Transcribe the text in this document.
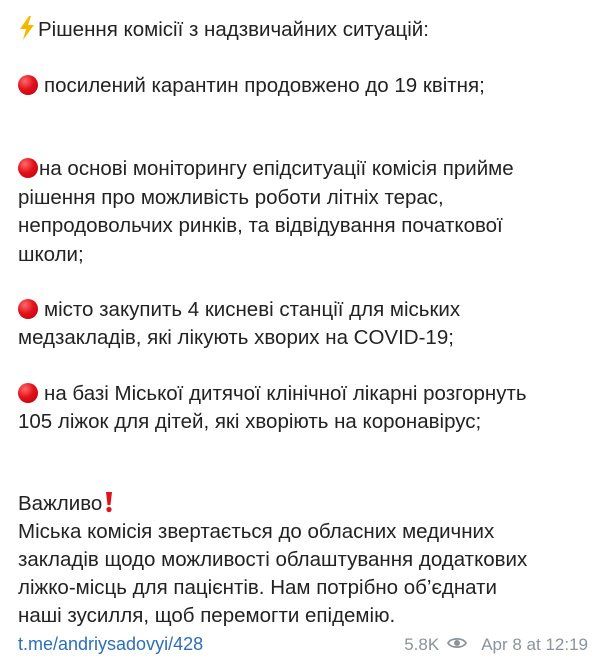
Рішення комісії з надзвичайних ситуацій:
посилений карантин продовжено до 19 квітня;
на основі моніторингу епідситуації комісія прийме
рішення про можливість роботи літніх терас,
непродовольчих ринків, та відвідування початкової
школи;
місто закупить 4 кисневі станції для міських
медзакладів, які лікують хворих на COVID-19;
на базі Міської дитячої клінічної лікарні розгорнуть
105 ліжок для дітей, які хворіють на коронавірус;
Важливо
Міська комісія звертається до обласних медичних
закладів щодо можливості облаштування додаткових
ліжко-місць для пацієнтів. Нам потрібно об’єднати
наші зусилля, щоб перемогти епідемію.
t.me/andriysadovyi/428	5.8K Apr 8 at 12:19
